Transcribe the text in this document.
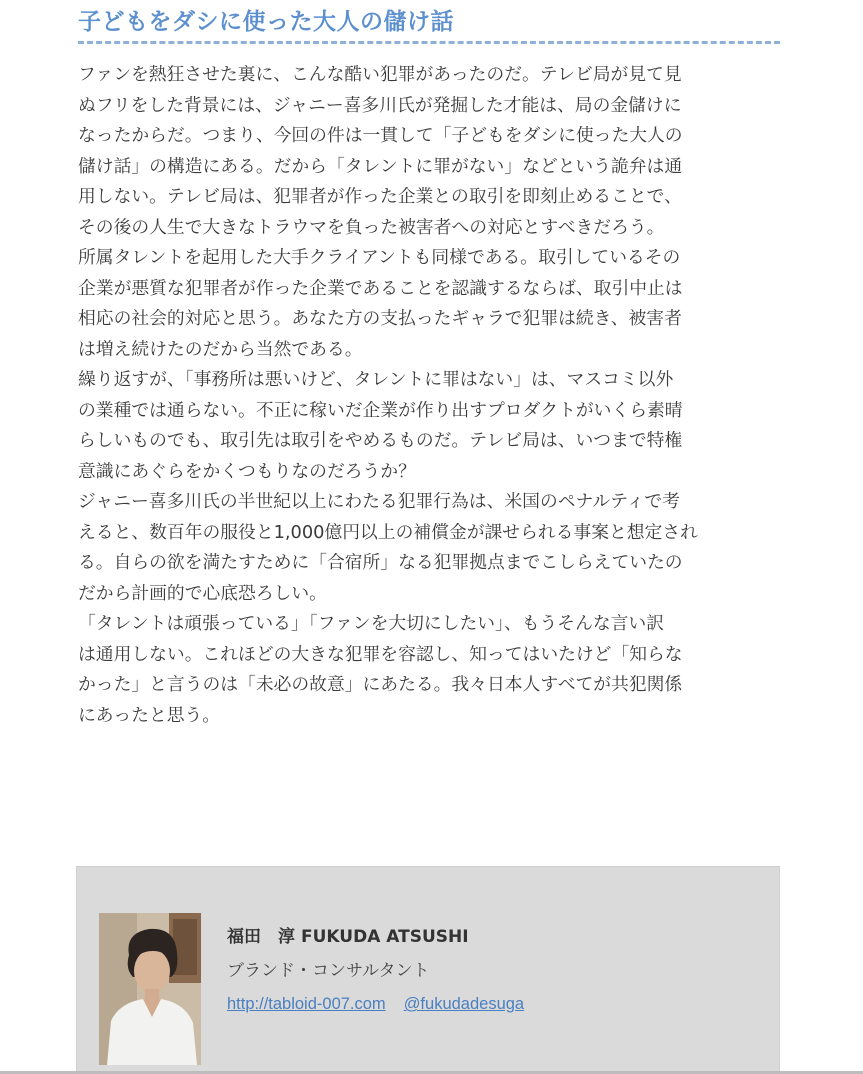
子どもをダシに使った大人の儲け話

ファンを熱狂させた裏に、こんな酷い犯罪があったのだ。テレビ局が見て見

ぬフリをした背景には、ジャニー喜多川氏が発掘した才能は、局の金儲けに

なったからだ。つまり、今回の件は一貫して「子どもをダシに使った大人の

儲け話」の構造にある。だから「タレントに罪がない」などという詭弁は通

用しない。テレビ局は、犯罪者が作った企業との取引を即刻止めることで、

その後の人生で大きなトラウマを負った被害者への対応とすべきだろう。

所属タレントを起用した大手クライアントも同様である。取引しているその

企業が悪質な犯罪者が作った企業であることを認識するならば、取引中止は

相応の社会的対応と思う。あなた方の支払ったギャラで犯罪は続き、被害者

は増え続けたのだから当然である。

繰り返すが、「事務所は悪いけど、タレントに罪はない」は、マスコミ以外

の業種では通らない。不正に稼いだ企業が作り出すプロダクトがいくら素晴

らしいものでも、取引先は取引をやめるものだ。テレビ局は、いつまで特権

意識にあぐらをかくつもりなのだろうか？

ジャニー喜多川氏の半世紀以上にわたる犯罪行為は、米国のペナルティで考

えると、数百年の服役と1,000億円以上の補償金が課せられる事案と想定され

る。自らの欲を満たすために「合宿所」なる犯罪拠点までこしらえていたの

だから計画的で心底恐ろしい。

「タレントは頑張っている」「ファンを大切にしたい」、もうそんな言い訳

は通用しない。これほどの大きな犯罪を容認し、知ってはいたけど「知らな

かった」と言うのは「未必の故意」にあたる。我々日本人すべてが共犯関係

にあったと思う。

福田　淳 FUKUDA ATSUSHI
ブランド・コンサルタント
http://tabloid-007.com @fukudadesuga
